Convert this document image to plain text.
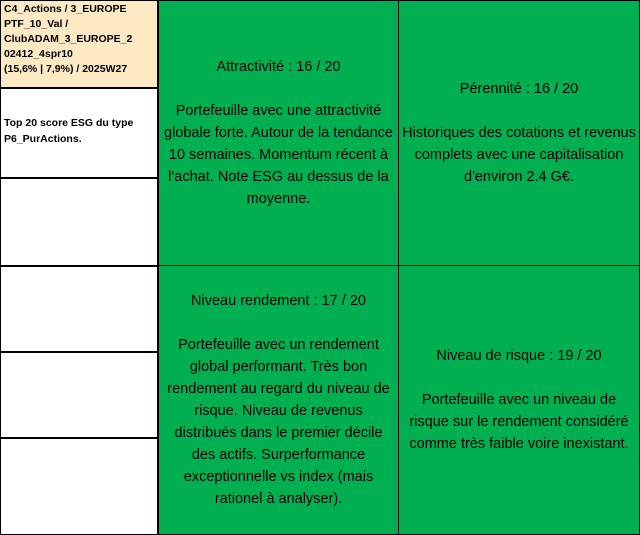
C4_Actions / 3_EUROPE
PTF_10_Val /
ClubADAM_3_EUROPE_2
02412_4spr10
(15,6% | 7,9%) / 2025W27
Top 20 score ESG du type P6_PurActions.
Attractivité : 16 / 20
Portefeuille avec une attractivité globale forte. Autour de la tendance 10 semaines. Momentum récent à l'achat. Note ESG au dessus de la moyenne.
Pérennité : 16 / 20
Historiques des cotations et revenus complets avec une capitalisation d'environ 2.4 G€.
Niveau rendement : 17 / 20
Portefeuille avec un rendement global performant. Très bon rendement au regard du niveau de risque. Niveau de revenus distribués dans le premier décile des actifs. Surperformance exceptionnelle vs index (mais rationel à analyser).
Niveau de risque : 19 / 20
Portefeuille avec un niveau de risque sur le rendement considéré comme très faible voire inexistant.
